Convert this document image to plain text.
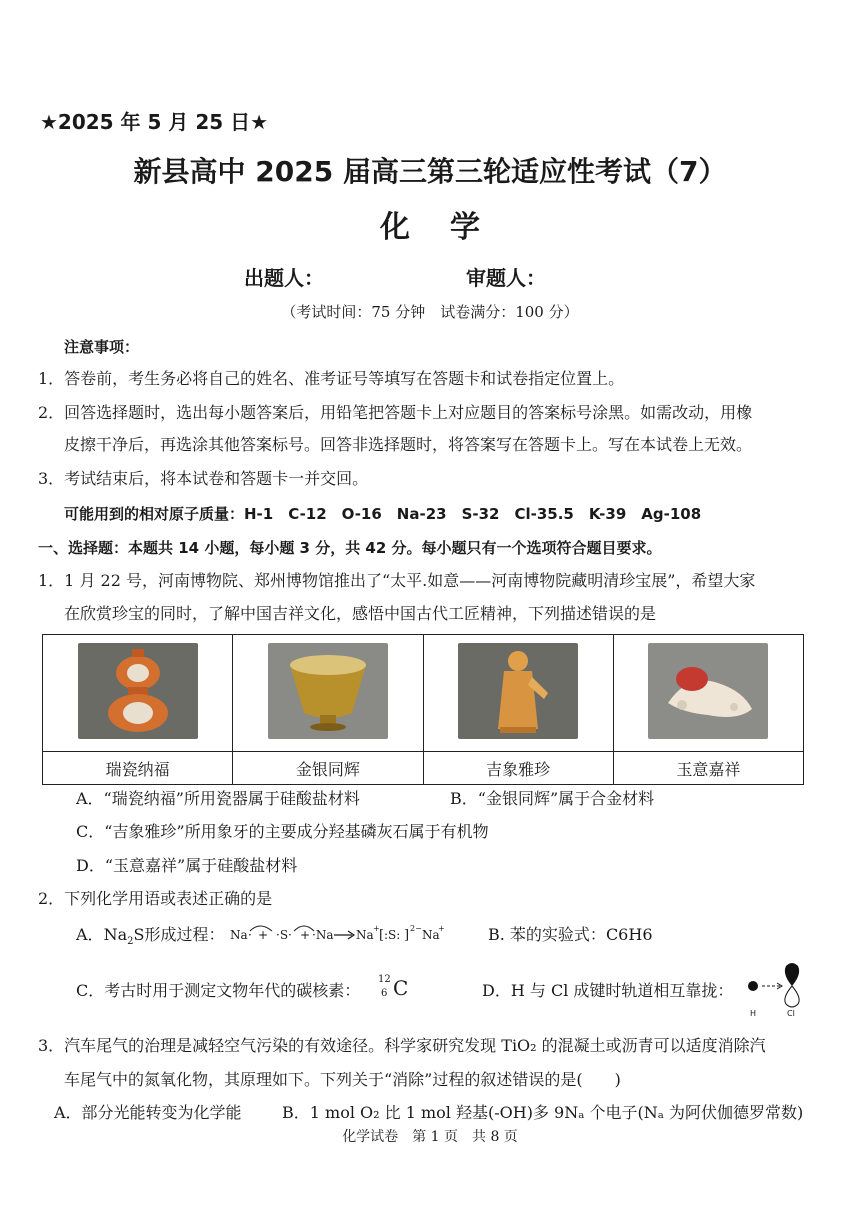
★2025 年 5 月 25 日★
新县高中 2025 届高三第三轮适应性考试（7）
化学
出题人：	审题人：
（考试时间：75 分钟　试卷满分：100 分）
注意事项：
1．答卷前，考生务必将自己的姓名、准考证号等填写在答题卡和试卷指定位置上。
2．回答选择题时，选出每小题答案后，用铅笔把答题卡上对应题目的答案标号涂黑。如需改动，用橡
皮擦干净后，再选涂其他答案标号。回答非选择题时，将答案写在答题卡上。写在本试卷上无效。
3．考试结束后，将本试卷和答题卡一并交回。
可能用到的相对原子质量：H-1　C-12　O-16　Na-23　S-32　Cl-35.5　K-39　Ag-108
一、选择题：本题共 14 小题，每小题 3 分，共 42 分。每小题只有一个选项符合题目要求。
1．1 月 22 号，河南博物院、郑州博物馆推出了“太平.如意——河南博物院藏明清珍宝展”，希望大家
在欣赏珍宝的同时，了解中国吉祥文化，感悟中国古代工匠精神，下列描述错误的是

瑞瓷纳福	金银同辉	吉象雅珍	玉意嘉祥
A．“瑞瓷纳福”所用瓷器属于硅酸盐材料	B．“金银同辉”属于合金材料
C．“吉象雅珍”所用象牙的主要成分羟基磷灰石属于有机物
D．“玉意嘉祥”属于硅酸盐材料
2．下列化学用语或表述正确的是
A．$Na_2S$形成过程： Na · + ·S· + ·Na Na + [ :S: ] 2− Na
+	B. 苯的实验式：C6H6
C．考古时用于测定文物年代的碳核素：
12
6 C	D．H 与 Cl 成键时轨道相互靠拢：
H	Cl
3．汽车尾气的治理是减轻空气污染的有效途径。科学家研究发现 TiO₂ 的混凝土或沥青可以适度消除汽
车尾气中的氮氧化物，其原理如下。下列关于“消除”过程的叙述错误的是(　　)
A．部分光能转变为化学能	B．1 mol O₂ 比 1 mol 羟基(-OH)多 9Nₐ 个电子(Nₐ 为阿伏伽德罗常数)
化学试卷　第 1 页　共 8 页
